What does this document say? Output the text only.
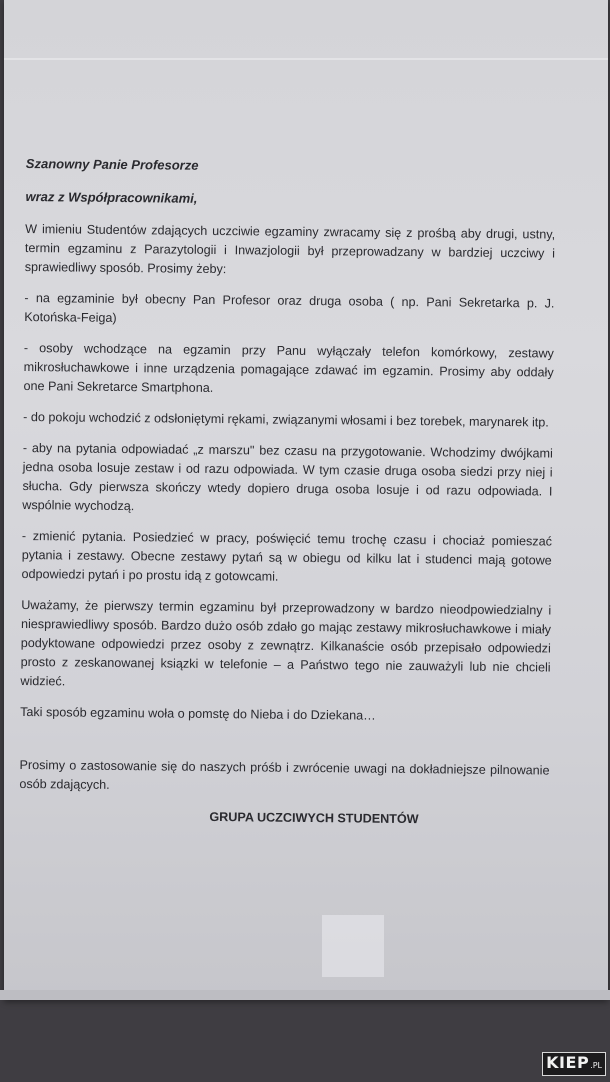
Szanowny Panie Profesorze
wraz z Współpracownikami,

W imieniu Studentów zdających uczciwie egzaminy zwracamy się z prośbą aby drugi, ustny, termin egzaminu z Parazytologii i Inwazjologii był przeprowadzany w bardziej uczciwy i sprawiedliwy sposób. Prosimy żeby:

- na egzaminie był obecny Pan Profesor oraz druga osoba ( np. Pani Sekretarka p. J. Kotońska-Feiga)

- osoby wchodzące na egzamin przy Panu wyłączały telefon komórkowy, zestawy mikrosłuchawkowe i inne urządzenia pomagające zdawać im egzamin. Prosimy aby oddały one Pani Sekretarce Smartphona.

- do pokoju wchodzić z odsłoniętymi rękami, związanymi włosami i bez torebek, marynarek itp.

- aby na pytania odpowiadać „z marszu" bez czasu na przygotowanie. Wchodzimy dwójkami jedna osoba losuje zestaw i od razu odpowiada. W tym czasie druga osoba siedzi przy niej i słucha. Gdy pierwsza skończy wtedy dopiero druga osoba losuje i od razu odpowiada. I wspólnie wychodzą.

- zmienić pytania. Posiedzieć w pracy, poświęcić temu trochę czasu i chociaż pomieszać pytania i zestawy. Obecne zestawy pytań są w obiegu od kilku lat i studenci mają gotowe odpowiedzi pytań i po prostu idą z gotowcami.

Uważamy, że pierwszy termin egzaminu był przeprowadzony w bardzo nieodpowiedzialny i niesprawiedliwy sposób. Bardzo dużo osób zdało go mając zestawy mikrosłuchawkowe i miały podyktowane odpowiedzi przez osoby z zewnątrz. Kilkanaście osób przepisało odpowiedzi prosto z zeskanowanej ksiązki w telefonie – a Państwo tego nie zauważyli lub nie chcieli widzieć.

Taki sposób egzaminu woła o pomstę do Nieba i do Dziekana…

Prosimy o zastosowanie się do naszych próśb i zwrócenie uwagi na dokładniejsze pilnowanie osób zdających.

GRUPA UCZCIWYCH STUDENTÓW
KIEP .PL
